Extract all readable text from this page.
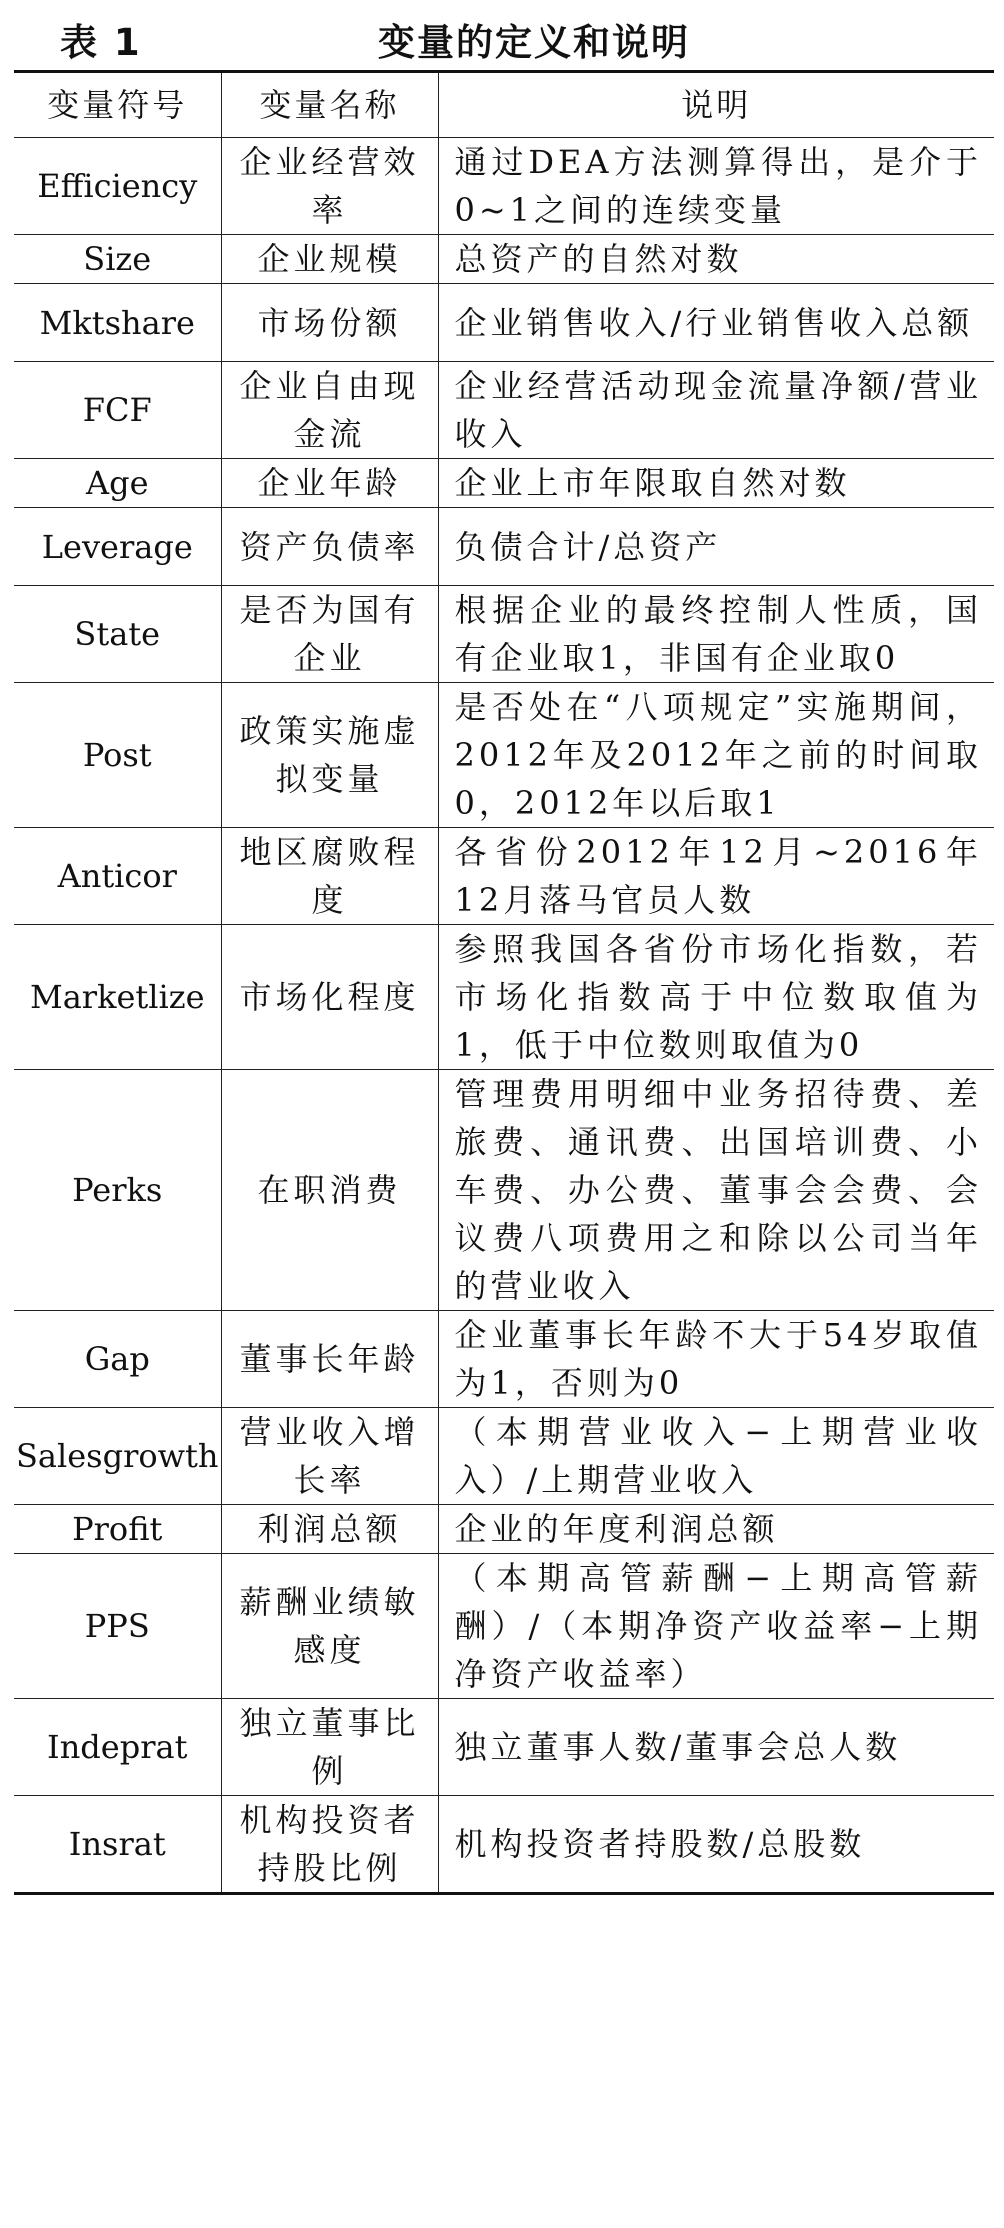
表 1	变量的定义和说明
变量符号	变量名称	说明
Efficiency	企业经营效率	通过DEA方法测算得出，是介于0~1之间的连续变量
Size	企业规模	总资产的自然对数
Mktshare	市场份额	企业销售收入/行业销售收入总额
FCF	企业自由现金流	企业经营活动现金流量净额/营业收入
Age	企业年龄	企业上市年限取自然对数
Leverage	资产负债率	负债合计/总资产
State	是否为国有企业	根据企业的最终控制人性质，国有企业取1，非国有企业取0
Post	政策实施虚拟变量	是否处在“八项规定”实施期间，2012年及2012年之前的时间取0，2012年以后取1
Anticor	地区腐败程度	各省份2012年12月~2016年12月落马官员人数
Marketlize	市场化程度	参照我国各省份市场化指数，若市场化指数高于中位数取值为1，低于中位数则取值为0
Perks	在职消费	管理费用明细中业务招待费、差旅费、通讯费、出国培训费、小车费、办公费、董事会会费、会议费八项费用之和除以公司当年的营业收入
Gap	董事长年龄	企业董事长年龄不大于54岁取值为1，否则为0
Salesgrowth	营业收入增长率	（本期营业收入−上期营业收入）/上期营业收入
Profit	利润总额	企业的年度利润总额
PPS	薪酬业绩敏感度	（本期高管薪酬−上期高管薪酬）/（本期净资产收益率−上期净资产收益率）
Indeprat	独立董事比例	独立董事人数/董事会总人数
Insrat	机构投资者持股比例	机构投资者持股数/总股数
